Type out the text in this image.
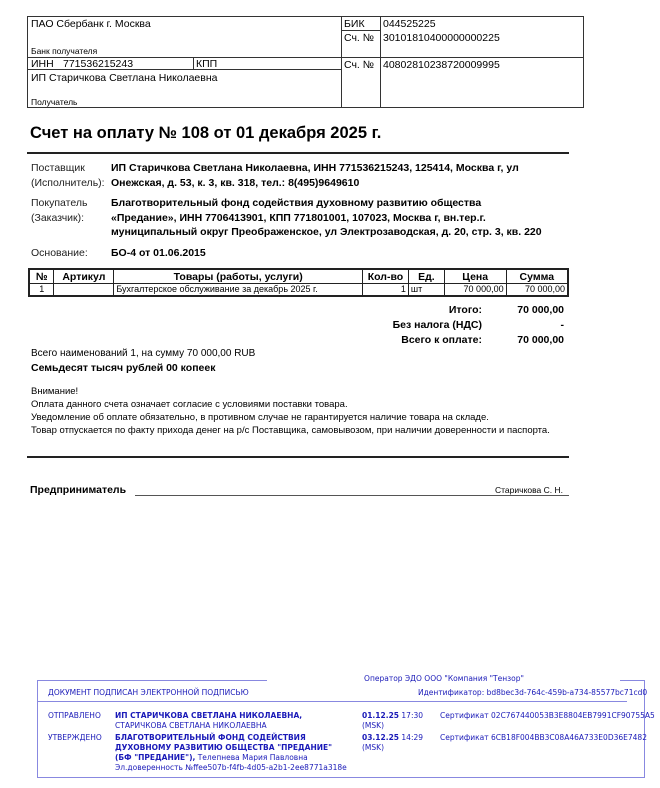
ПАО Сбербанк г. Москва
Банк получателя
ИНН 771536215243	КПП
ИП Старичкова Светлана Николаевна
Получатель
БИК 044525225
Сч. № 30101810400000000225
Сч. № 40802810238720009995
Счет на оплату № 108 от 01 декабря 2025 г.
Поставщик
(Исполнитель):
ИП Старичкова Светлана Николаевна, ИНН 771536215243, 125414, Москва г, ул
Онежская, д. 53, к. 3, кв. 318, тел.: 8(495)9649610
Покупатель
(Заказчик):
Благотворительный фонд содействия духовному развитию общества
«Предание», ИНН 7706413901, КПП 771801001, 107023, Москва г, вн.тер.г.
муниципальный округ Преображенское, ул Электрозаводская, д. 20, стр. 3, кв. 220
Основание: БО-4 от 01.06.2015
№	Артикул	Товары (работы, услуги)	Кол-во	Ед.	Цена	Сумма
1		Бухгалтерское обслуживание за декабрь 2025 г.	1	шт	70 000,00	70 000,00
Итого:	70 000,00
Без налога (НДС)	-
Всего к оплате:	70 000,00
Всего наименований 1, на сумму 70 000,00 RUB
Семьдесят тысяч рублей 00 копеек
Внимание!
Оплата данного счета означает согласие с условиями поставки товара.
Уведомление об оплате обязательно, в противном случае не гарантируется наличие товара на складе.
Товар отпускается по факту прихода денег на р/с Поставщика, самовывозом, при наличии доверенности и паспорта.
Предприниматель	Старичкова С. Н.
Оператор ЭДО ООО "Компания "Тензор"
ДОКУМЕНТ ПОДПИСАН ЭЛЕКТРОННОЙ ПОДПИСЬЮ	Идентификатор: bd8bec3d-764c-459b-a734-85577bc71cd0
ОТПРАВЛЕНО ИП СТАРИЧКОВА СВЕТЛАНА НИКОЛАЕВНА, СТАРИЧКОВА СВЕТЛАНА НИКОЛАЕВНА
01.12.25 17:30
(MSK)
Сертификат 02C767440053B3E8804EB7991CF90755A5
УТВЕРЖДЕНО БЛАГОТВОРИТЕЛЬНЫЙ ФОНД СОДЕЙСТВИЯ ДУХОВНОМУ РАЗВИТИЮ ОБЩЕСТВА "ПРЕДАНИЕ" (БФ "ПРЕДАНИЕ"), Телепнева Мария Павловна
Эл.доверенность №ffee507b-f4fb-4d05-a2b1-2ee8771a318e
03.12.25 14:29
(MSK)
Сертификат 6CB18F004BB3C08A46A733E0D36E7482
